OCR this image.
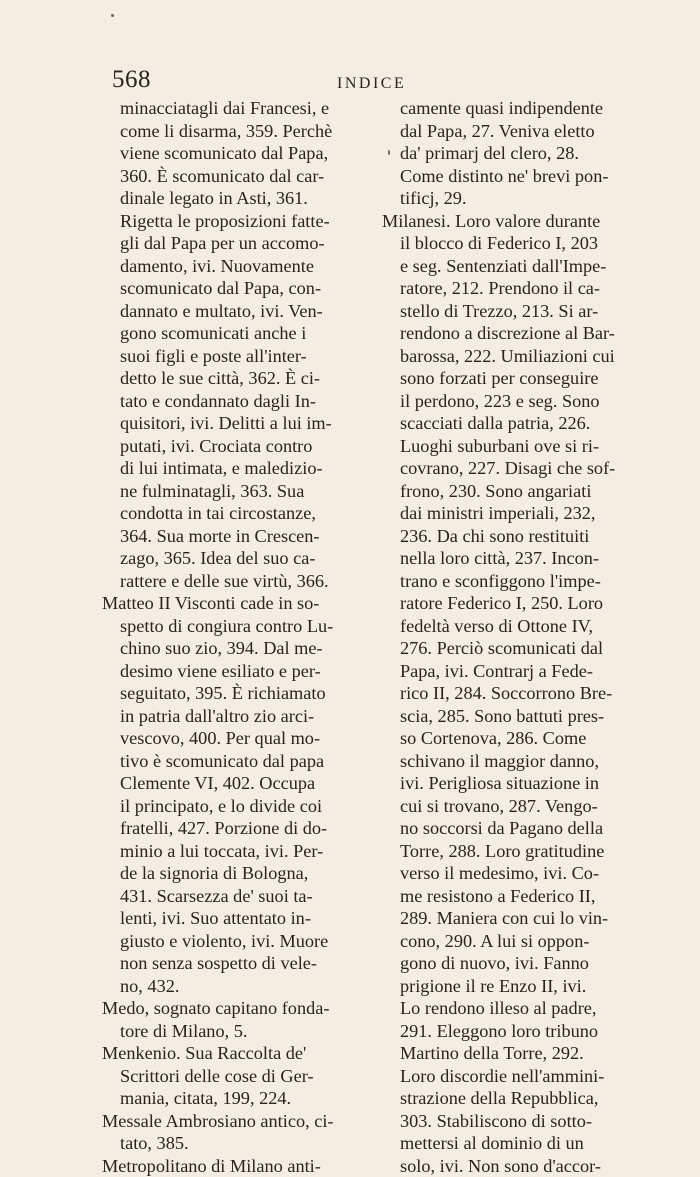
568	INDICE
minacciatagli dai Francesi, e
come li disarma, 359. Perchè
viene scomunicato dal Papa,
360. È scomunicato dal car-
dinale legato in Asti, 361.
Rigetta le proposizioni fatte-
gli dal Papa per un accomo-
damento, ivi. Nuovamente
scomunicato dal Papa, con-
dannato e multato, ivi. Ven-
gono scomunicati anche i
suoi figli e poste all'inter-
detto le sue città, 362. È ci-
tato e condannato dagli In-
quisitori, ivi. Delitti a lui im-
putati, ivi. Crociata contro
di lui intimata, e maledizio-
ne fulminatagli, 363. Sua
condotta in tai circostanze,
364. Sua morte in Crescen-
zago, 365. Idea del suo ca-
rattere e delle sue virtù, 366.
Matteo II Visconti cade in so-
spetto di congiura contro Lu-
chino suo zio, 394. Dal me-
desimo viene esiliato e per-
seguitato, 395. È richiamato
in patria dall'altro zio arci-
vescovo, 400. Per qual mo-
tivo è scomunicato dal papa
Clemente VI, 402. Occupa
il principato, e lo divide coi
fratelli, 427. Porzione di do-
minio a lui toccata, ivi. Per-
de la signoria di Bologna,
431. Scarsezza de' suoi ta-
lenti, ivi. Suo attentato in-
giusto e violento, ivi. Muore
non senza sospetto di vele-
no, 432.
Medo, sognato capitano fonda-
tore di Milano, 5.
Menkenio. Sua Raccolta de'
Scrittori delle cose di Ger-
mania, citata, 199, 224.
Messale Ambrosiano antico, ci-
tato, 385.
Metropolitano di Milano anti-
camente quasi indipendente
dal Papa, 27. Veniva eletto
da' primarj del clero, 28.
Come distinto ne' brevi pon-
tificj, 29.
Milanesi. Loro valore durante
il blocco di Federico I, 203
e seg. Sentenziati dall'Impe-
ratore, 212. Prendono il ca-
stello di Trezzo, 213. Si ar-
rendono a discrezione al Bar-
barossa, 222. Umiliazioni cui
sono forzati per conseguire
il perdono, 223 e seg. Sono
scacciati dalla patria, 226.
Luoghi suburbani ove si ri-
covrano, 227. Disagi che sof-
frono, 230. Sono angariati
dai ministri imperiali, 232,
236. Da chi sono restituiti
nella loro città, 237. Incon-
trano e sconfiggono l'impe-
ratore Federico I, 250. Loro
fedeltà verso di Ottone IV,
276. Perciò scomunicati dal
Papa, ivi. Contrarj a Fede-
rico II, 284. Soccorrono Bre-
scia, 285. Sono battuti pres-
so Cortenova, 286. Come
schivano il maggior danno,
ivi. Perigliosa situazione in
cui si trovano, 287. Vengo-
no soccorsi da Pagano della
Torre, 288. Loro gratitudine
verso il medesimo, ivi. Co-
me resistono a Federico II,
289. Maniera con cui lo vin-
cono, 290. A lui si oppon-
gono di nuovo, ivi. Fanno
prigione il re Enzo II, ivi.
Lo rendono illeso al padre,
291. Eleggono loro tribuno
Martino della Torre, 292.
Loro discordie nell'ammini-
strazione della Repubblica,
303. Stabiliscono di sotto-
mettersi al dominio di un
solo, ivi. Non sono d'accor-
